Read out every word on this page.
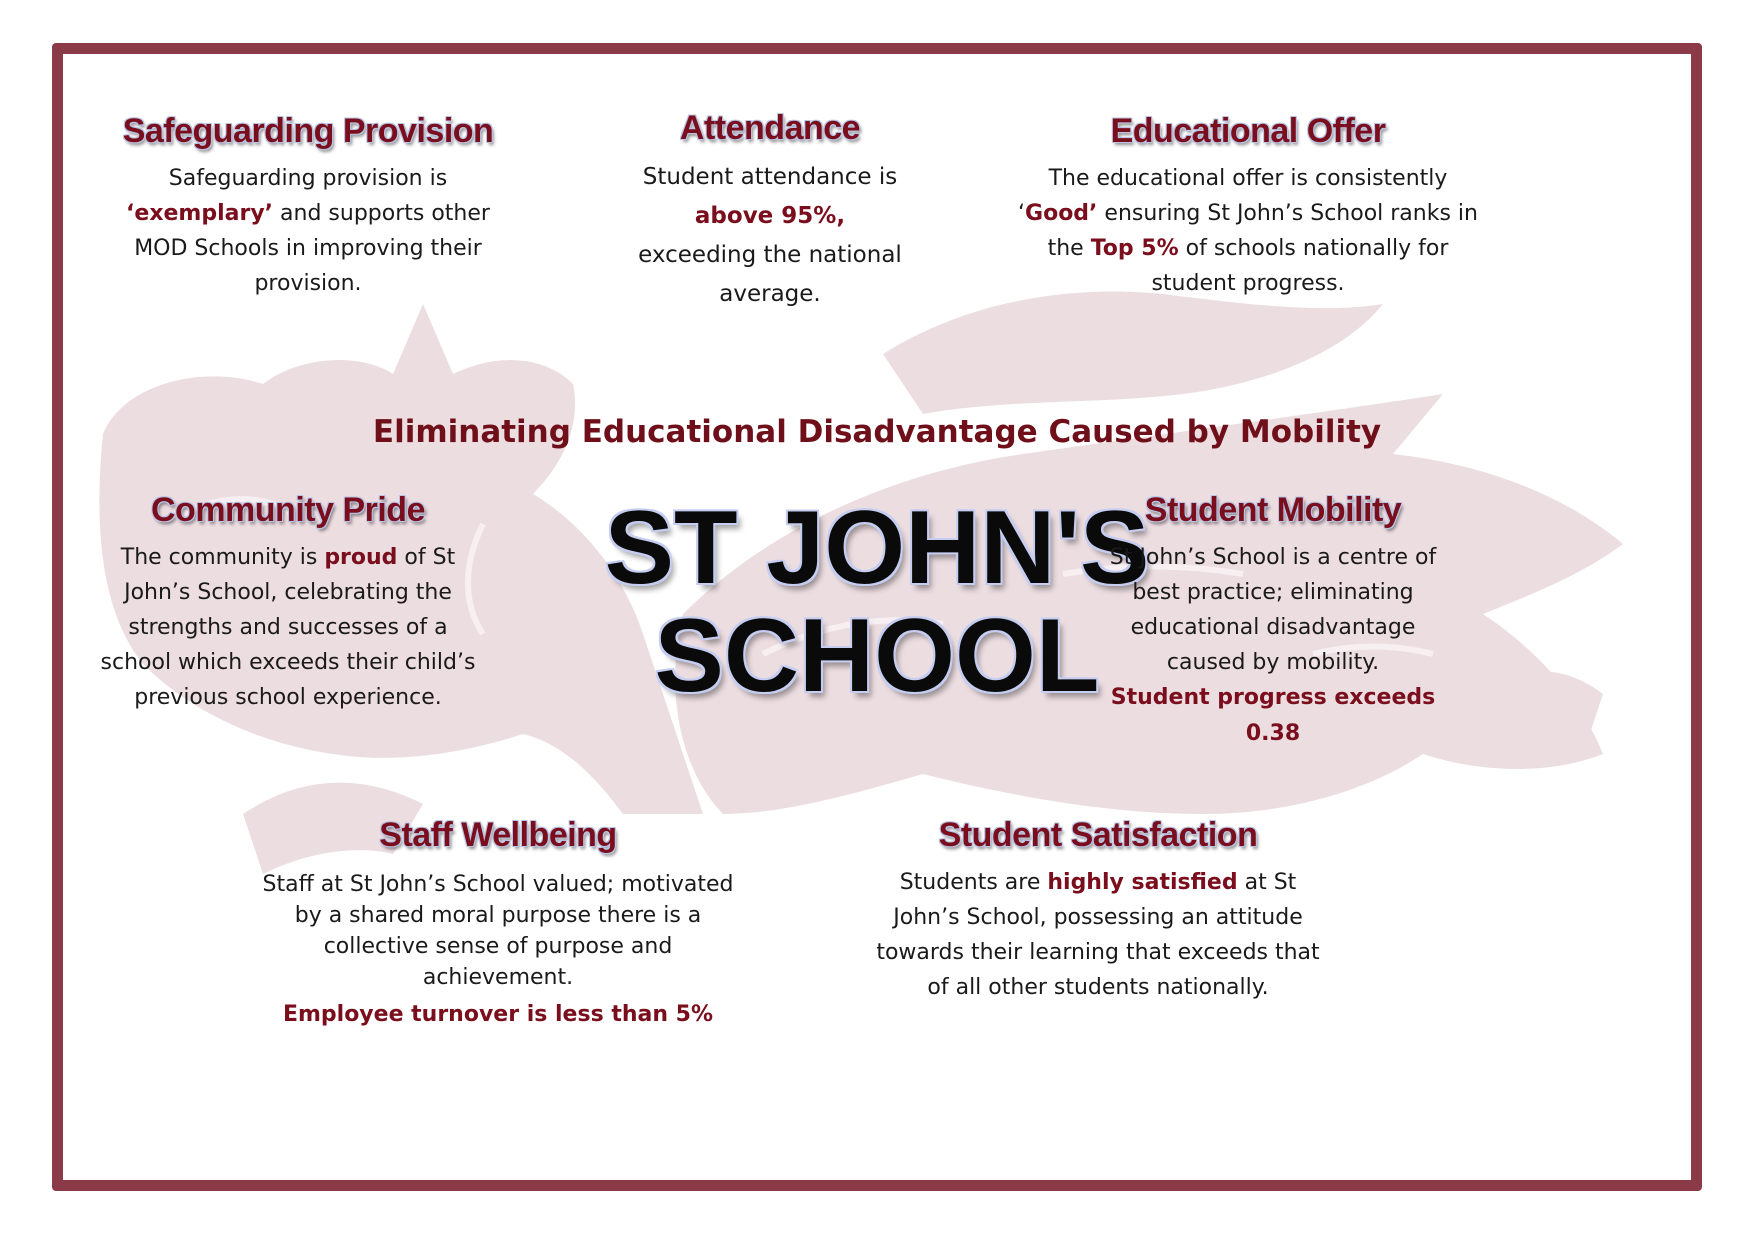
Safeguarding Provision

Safeguarding provision is ‘exemplary’ and supports other MOD Schools in improving their provision.

Attendance

Student attendance is above 95%, exceeding the national average.

Educational Offer

The educational offer is consistently ‘Good’ ensuring St John’s School ranks in the Top 5% of schools nationally for student progress.

Eliminating Educational Disadvantage Caused by Mobility
ST JOHN'S
SCHOOL
Community Pride

The community is proud of St John’s School, celebrating the strengths and successes of a school which exceeds their child’s previous school experience.

Student Mobility

St John’s School is a centre of best practice; eliminating educational disadvantage caused by mobility.

Student progress exceeds 0.38

Staff Wellbeing

Staff at St John’s School valued; motivated by a shared moral purpose there is a collective sense of purpose and achievement.

Employee turnover is less than 5%

Student Satisfaction

Students are highly satisfied at St John’s School, possessing an attitude towards their learning that exceeds that of all other students nationally.
